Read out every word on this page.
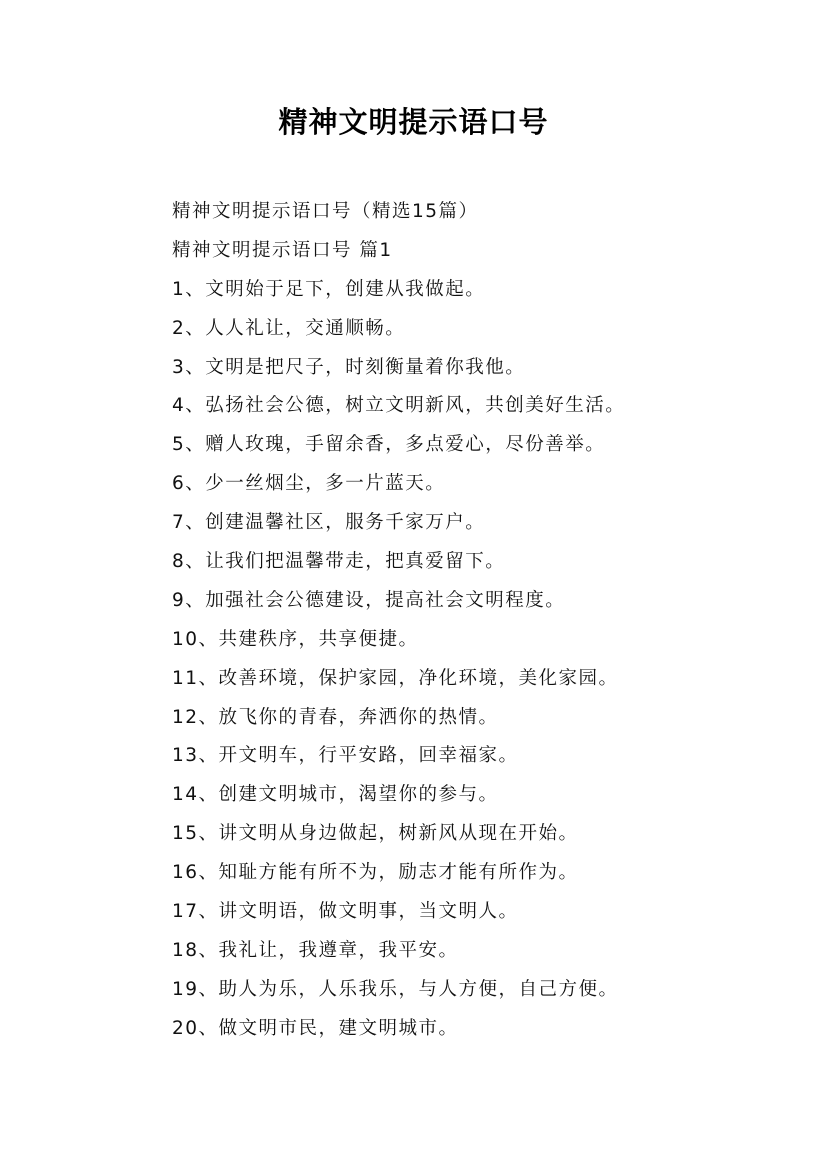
精神文明提示语口号
精神文明提示语口号（精选15篇）
精神文明提示语口号 篇1
1、文明始于足下，创建从我做起。
2、人人礼让，交通顺畅。
3、文明是把尺子，时刻衡量着你我他。
4、弘扬社会公德，树立文明新风，共创美好生活。
5、赠人玫瑰，手留余香，多点爱心，尽份善举。
6、少一丝烟尘，多一片蓝天。
7、创建温馨社区，服务千家万户。
8、让我们把温馨带走，把真爱留下。
9、加强社会公德建设，提高社会文明程度。
10、共建秩序，共享便捷。
11、改善环境，保护家园，净化环境，美化家园。
12、放飞你的青春，奔洒你的热情。
13、开文明车，行平安路，回幸福家。
14、创建文明城市，渴望你的参与。
15、讲文明从身边做起，树新风从现在开始。
16、知耻方能有所不为，励志才能有所作为。
17、讲文明语，做文明事，当文明人。
18、我礼让，我遵章，我平安。
19、助人为乐，人乐我乐，与人方便，自己方便。
20、做文明市民，建文明城市。
